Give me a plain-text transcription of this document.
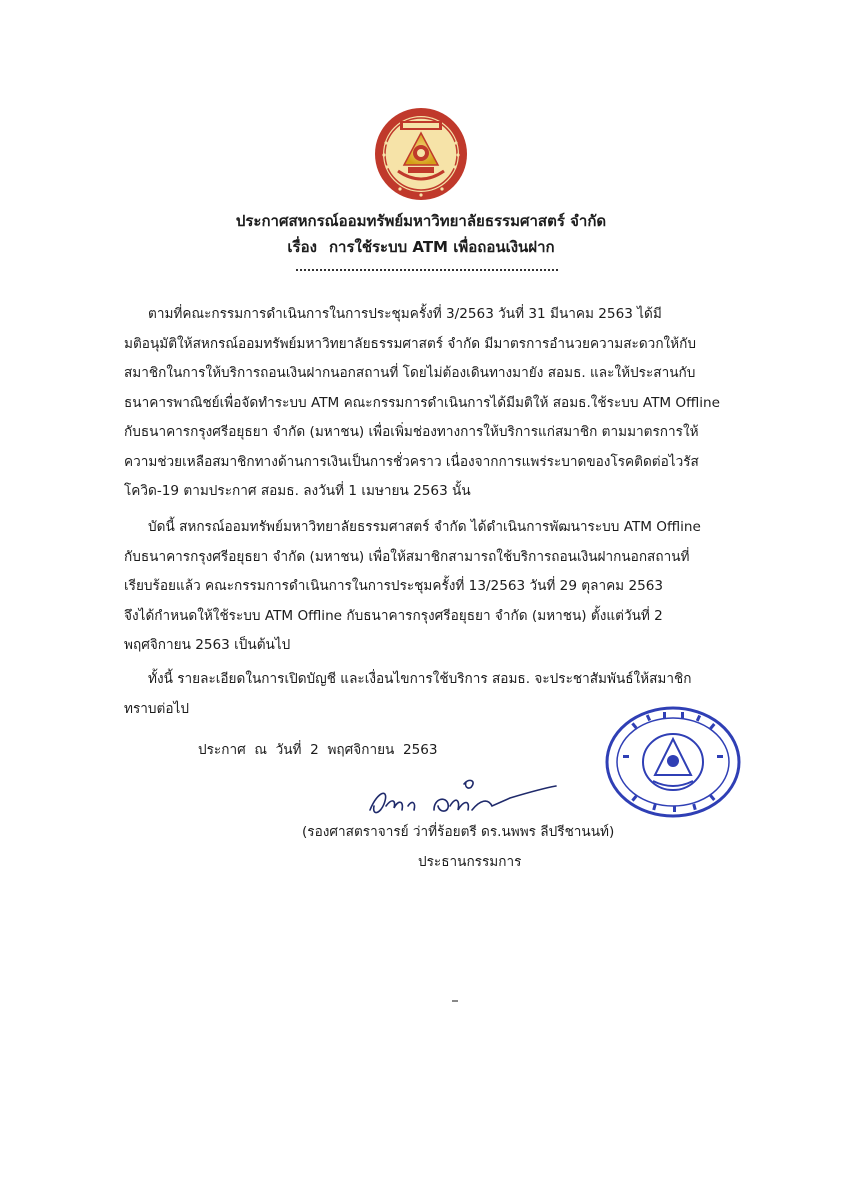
ประกาศสหกรณ์ออมทรัพย์มหาวิทยาลัยธรรมศาสตร์ จำกัด

เรื่อง การใช้ระบบ ATM เพื่อถอนเงินฝาก

ตามที่คณะกรรมการดำเนินการในการประชุมครั้งที่ 3/2563 วันที่ 31 มีนาคม 2563 ได้มี
มติอนุมัติให้สหกรณ์ออมทรัพย์มหาวิทยาลัยธรรมศาสตร์ จำกัด มีมาตรการอำนวยความสะดวกให้กับ
สมาชิกในการให้บริการถอนเงินฝากนอกสถานที่ โดยไม่ต้องเดินทางมายัง สอมธ. และให้ประสานกับ
ธนาคารพาณิชย์เพื่อจัดทำระบบ ATM คณะกรรมการดำเนินการได้มีมติให้ สอมธ.ใช้ระบบ ATM Offline
กับธนาคารกรุงศรีอยุธยา จำกัด (มหาชน) เพื่อเพิ่มช่องทางการให้บริการแก่สมาชิก ตามมาตรการให้
ความช่วยเหลือสมาชิกทางด้านการเงินเป็นการชั่วคราว เนื่องจากการแพร่ระบาดของโรคติดต่อไวรัส
โควิด-19 ตามประกาศ สอมธ. ลงวันที่ 1 เมษายน 2563 นั้น
บัดนี้ สหกรณ์ออมทรัพย์มหาวิทยาลัยธรรมศาสตร์ จำกัด ได้ดำเนินการพัฒนาระบบ ATM Offline
กับธนาคารกรุงศรีอยุธยา จำกัด (มหาชน) เพื่อให้สมาชิกสามารถใช้บริการถอนเงินฝากนอกสถานที่
เรียบร้อยแล้ว คณะกรรมการดำเนินการในการประชุมครั้งที่ 13/2563 วันที่ 29 ตุลาคม 2563
จึงได้กำหนดให้ใช้ระบบ ATM Offline กับธนาคารกรุงศรีอยุธยา จำกัด (มหาชน) ตั้งแต่วันที่ 2
พฤศจิกายน 2563 เป็นต้นไป
ทั้งนี้ รายละเอียดในการเปิดบัญชี และเงื่อนไขการใช้บริการ สอมธ. จะประชาสัมพันธ์ให้สมาชิก
ทราบต่อไป
ประกาศ  ณ  วันที่  2  พฤศจิกายน  2563
(รองศาสตราจารย์ ว่าที่ร้อยตรี ดร.นพพร ลีปรีชานนท์)
ประธานกรรมการ
